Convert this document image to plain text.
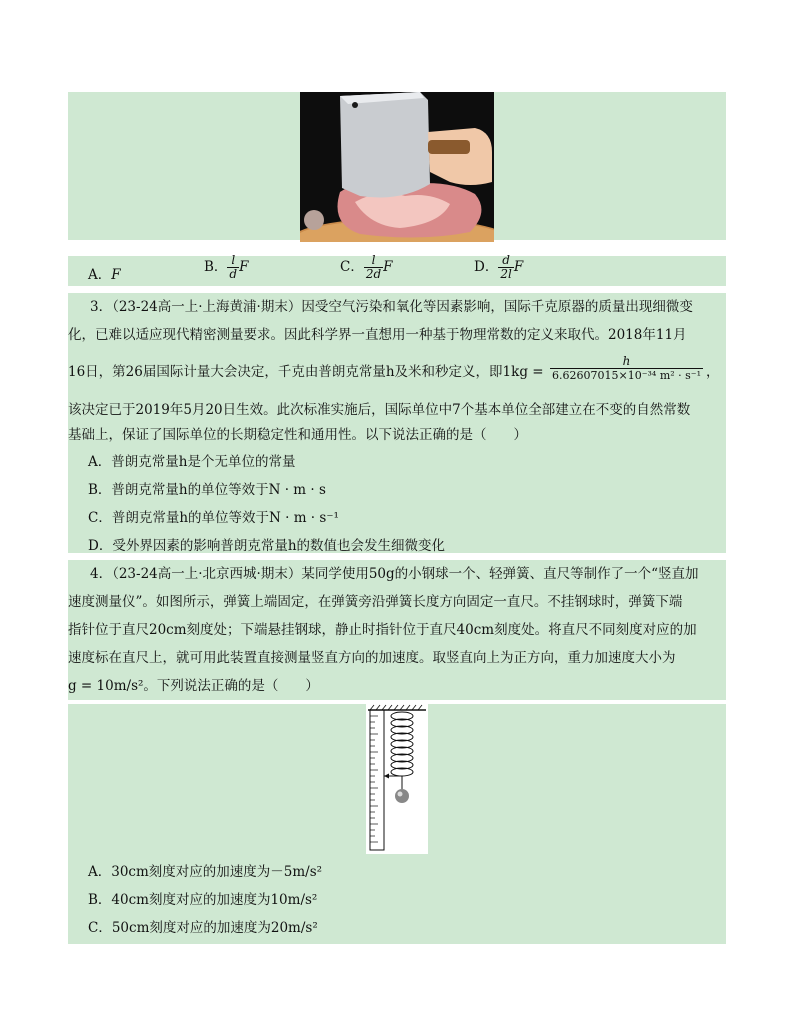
A．F	B． $\frac{l}{d}$ F	C． $\frac{l}{2d}$ F	D． $\frac{d}{2l}$ F
3．（23-24高一上·上海黄浦·期末）因受空气污染和氧化等因素影响，国际千克原器的质量出现细微变
化，已难以适应现代精密测量要求。因此科学界一直想用一种基于物理常数的定义来取代。2018年11月
16日，第26届国际计量大会决定，千克由普朗克常量h及米和秒定义，即$1kg = \frac{h}{\text{6.62607015×10⁻³⁴ m² · s⁻¹}}$ ，
该决定已于2019年5月20日生效。此次标准实施后，国际单位中7个基本单位全部建立在不变的自然常数
基础上，保证了国际单位的长期稳定性和通用性。以下说法正确的是（　　）
A．普朗克常量h是个无单位的常量
B．普朗克常量h的单位等效于N · m · s
C．普朗克常量h的单位等效于N · m · s⁻¹
D．受外界因素的影响普朗克常量h的数值也会发生细微变化
4．（23-24高一上·北京西城·期末）某同学使用50g的小钢球一个、轻弹簧、直尺等制作了一个“竖直加
速度测量仪”。如图所示，弹簧上端固定，在弹簧旁沿弹簧长度方向固定一直尺。不挂钢球时，弹簧下端
指针位于直尺20cm刻度处；下端悬挂钢球，静止时指针位于直尺40cm刻度处。将直尺不同刻度对应的加
速度标在直尺上，就可用此装置直接测量竖直方向的加速度。取竖直向上为正方向，重力加速度大小为
g = 10m/s²。下列说法正确的是（　　）
A．30cm刻度对应的加速度为－5m/s²
B．40cm刻度对应的加速度为10m/s²
C．50cm刻度对应的加速度为20m/s²
